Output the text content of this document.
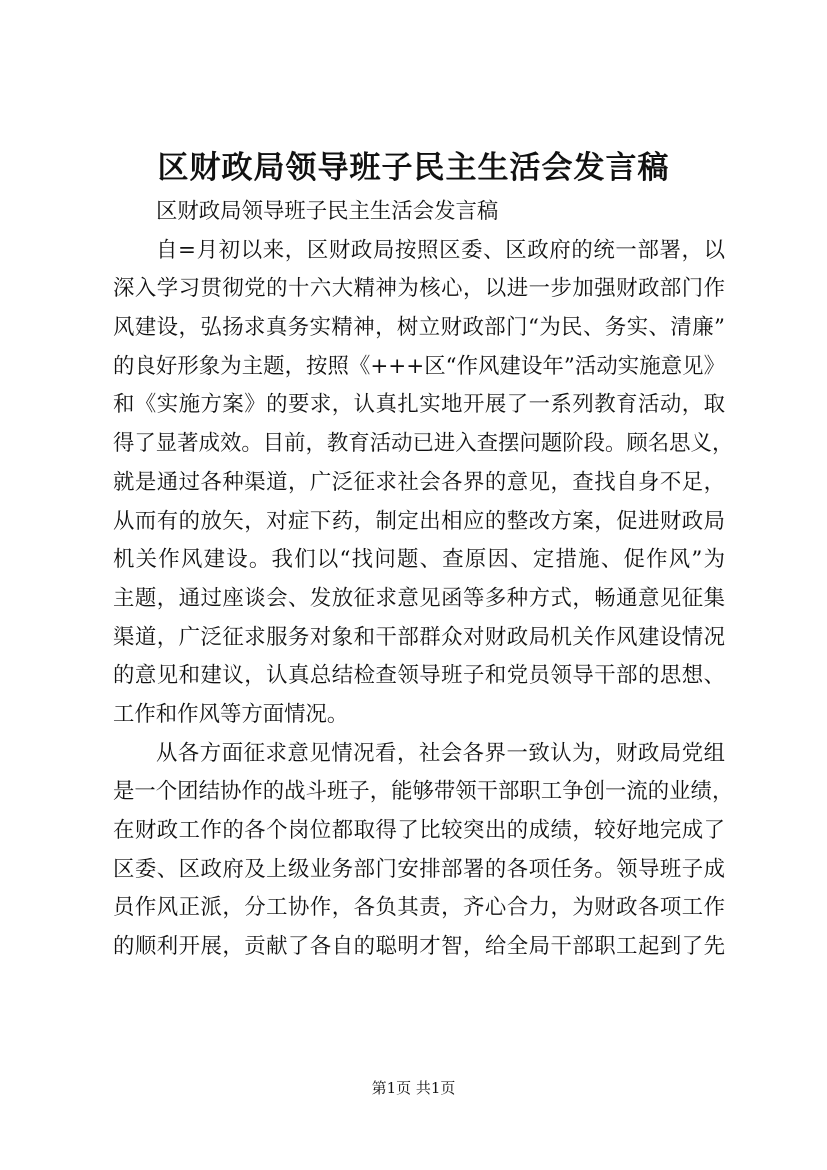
区财政局领导班子民主生活会发言稿
区财政局领导班子民主生活会发言稿
自=月初以来，区财政局按照区委、区政府的统一部署，以
深入学习贯彻党的十六大精神为核心，以进一步加强财政部门作
风建设，弘扬求真务实精神，树立财政部门“为民、务实、清廉”
的良好形象为主题，按照《+++区“作风建设年”活动实施意见》
和《实施方案》的要求，认真扎实地开展了一系列教育活动，取
得了显著成效。目前，教育活动已进入查摆问题阶段。顾名思义，
就是通过各种渠道，广泛征求社会各界的意见，查找自身不足，
从而有的放矢，对症下药，制定出相应的整改方案，促进财政局
机关作风建设。我们以“找问题、查原因、定措施、促作风”为
主题，通过座谈会、发放征求意见函等多种方式，畅通意见征集
渠道，广泛征求服务对象和干部群众对财政局机关作风建设情况
的意见和建议，认真总结检查领导班子和党员领导干部的思想、
工作和作风等方面情况。
从各方面征求意见情况看，社会各界一致认为，财政局党组
是一个团结协作的战斗班子，能够带领干部职工争创一流的业绩，
在财政工作的各个岗位都取得了比较突出的成绩，较好地完成了
区委、区政府及上级业务部门安排部署的各项任务。领导班子成
员作风正派，分工协作，各负其责，齐心合力，为财政各项工作
的顺利开展，贡献了各自的聪明才智，给全局干部职工起到了先
第1页 共1页
